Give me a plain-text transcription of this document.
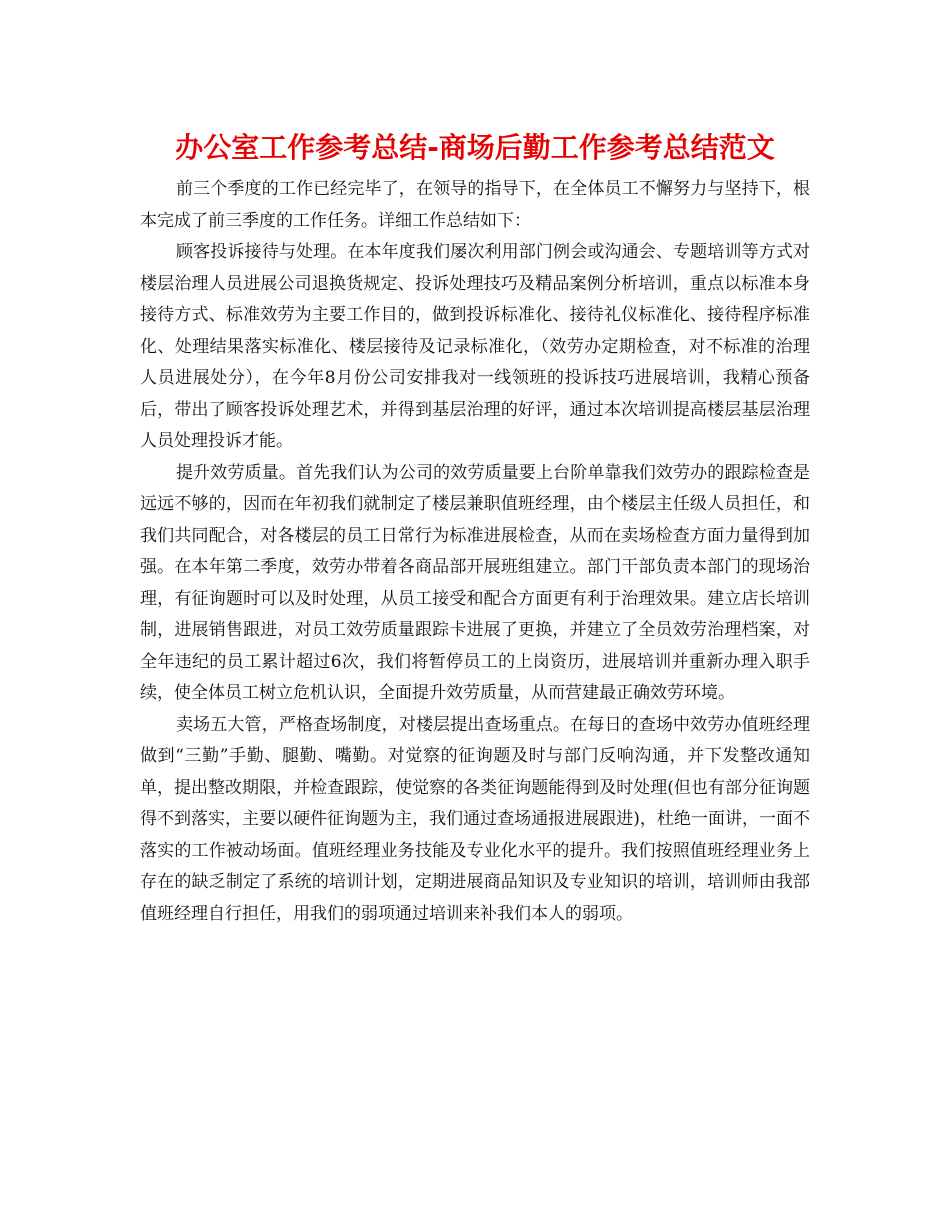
办公室工作参考总结-商场后勤工作参考总结范文

前三个季度的工作已经完毕了，在领导的指导下，在全体员工不懈努力与坚持下，根本完成了前三季度的工作任务。详细工作总结如下：

顾客投诉接待与处理。在本年度我们屡次利用部门例会或沟通会、专题培训等方式对楼层治理人员进展公司退换货规定、投诉处理技巧及精品案例分析培训，重点以标准本身接待方式、标准效劳为主要工作目的，做到投诉标准化、接待礼仪标准化、接待程序标准化、处理结果落实标准化、楼层接待及记录标准化，（效劳办定期检查，对不标准的治理人员进展处分），在今年8月份公司安排我对一线领班的投诉技巧进展培训，我精心预备后，带出了顾客投诉处理艺术，并得到基层治理的好评，通过本次培训提高楼层基层治理人员处理投诉才能。

提升效劳质量。首先我们认为公司的效劳质量要上台阶单靠我们效劳办的跟踪检查是远远不够的，因而在年初我们就制定了楼层兼职值班经理，由个楼层主任级人员担任，和我们共同配合，对各楼层的员工日常行为标准进展检查，从而在卖场检查方面力量得到加强。在本年第二季度，效劳办带着各商品部开展班组建立。部门干部负责本部门的现场治理，有征询题时可以及时处理，从员工接受和配合方面更有利于治理效果。建立店长培训制，进展销售跟进，对员工效劳质量跟踪卡进展了更换，并建立了全员效劳治理档案，对全年违纪的员工累计超过6次，我们将暂停员工的上岗资历，进展培训并重新办理入职手续，使全体员工树立危机认识，全面提升效劳质量，从而营建最正确效劳环境。

卖场五大管，严格查场制度，对楼层提出查场重点。在每日的查场中效劳办值班经理做到“三勤”手勤、腿勤、嘴勤。对觉察的征询题及时与部门反响沟通，并下发整改通知单，提出整改期限，并检查跟踪，使觉察的各类征询题能得到及时处理(但也有部分征询题得不到落实，主要以硬件征询题为主，我们通过查场通报进展跟进)，杜绝一面讲，一面不落实的工作被动场面。值班经理业务技能及专业化水平的提升。我们按照值班经理业务上存在的缺乏制定了系统的培训计划，定期进展商品知识及专业知识的培训，培训师由我部值班经理自行担任，用我们的弱项通过培训来补我们本人的弱项。
